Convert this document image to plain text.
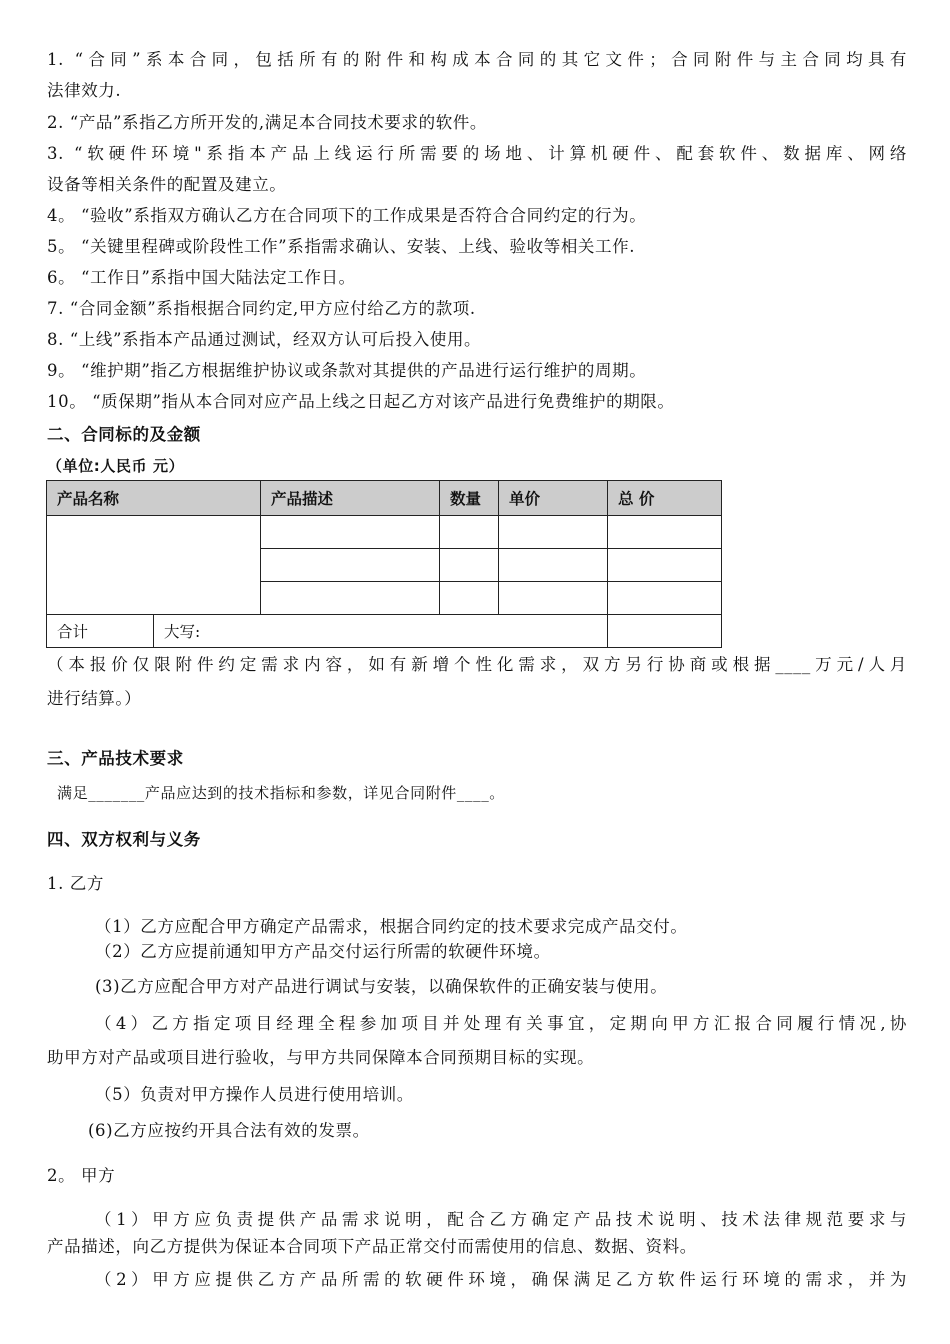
1. “合同”系本合同，包括所有的附件和构成本合同的其它文件；合同附件与主合同均具有
法律效力.
2. “产品”系指乙方所开发的,满足本合同技术要求的软件。
3. “软硬件环境"系指本产品上线运行所需要的场地、计算机硬件、配套软件、数据库、网络
设备等相关条件的配置及建立。
4。 “验收”系指双方确认乙方在合同项下的工作成果是否符合合同约定的行为。
5。 “关键里程碑或阶段性工作”系指需求确认、安装、上线、验收等相关工作.
6。 “工作日”系指中国大陆法定工作日。
7. “合同金额”系指根据合同约定,甲方应付给乙方的款项.
8. “上线”系指本产品通过测试，经双方认可后投入使用。
9。 “维护期”指乙方根据维护协议或条款对其提供的产品进行运行维护的周期。
10。 “质保期”指从本合同对应产品上线之日起乙方对该产品进行免费维护的期限。
二、合同标的及金额
（单位:人民币 元）
产品名称		产品描述	数量	单价	总 价

合计	大写:				
（本报价仅限附件约定需求内容，如有新增个性化需求，双方另行协商或根据____万元/人月
进行结算。）
三、产品技术要求
满足_______产品应达到的技术指标和参数，详见合同附件____。
四、双方权利与义务
1. 乙方
（1）乙方应配合甲方确定产品需求，根据合同约定的技术要求完成产品交付。
（2）乙方应提前通知甲方产品交付运行所需的软硬件环境。
(3)乙方应配合甲方对产品进行调试与安装，以确保软件的正确安装与使用。
（4）乙方指定项目经理全程参加项目并处理有关事宜，定期向甲方汇报合同履行情况,协
助甲方对产品或项目进行验收，与甲方共同保障本合同预期目标的实现。
（5）负责对甲方操作人员进行使用培训。
(6)乙方应按约开具合法有效的发票。
2。 甲方
（1）甲方应负责提供产品需求说明，配合乙方确定产品技术说明、技术法律规范要求与
产品描述，向乙方提供为保证本合同项下产品正常交付而需使用的信息、数据、资料。
（2）甲方应提供乙方产品所需的软硬件环境，确保满足乙方软件运行环境的需求，并为
